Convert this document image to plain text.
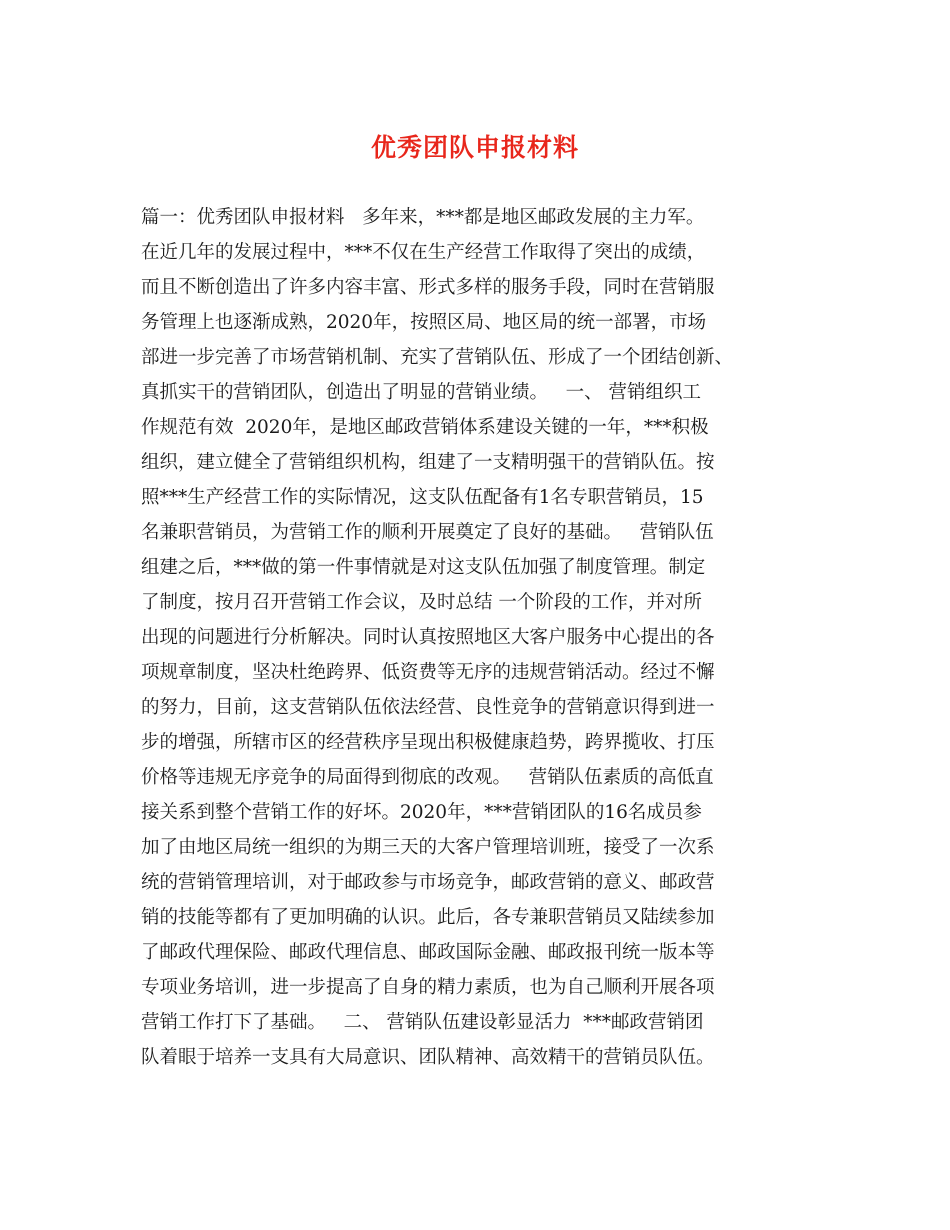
优秀团队申报材料
篇一：优秀团队申报材料   多年来，***都是地区邮政发展的主力军。
在近几年的发展过程中，***不仅在生产经营工作取得了突出的成绩，
而且不断创造出了许多内容丰富、形式多样的服务手段，同时在营销服
务管理上也逐渐成熟，2020年，按照区局、地区局的统一部署，市场
部进一步完善了市场营销机制、充实了营销队伍、形成了一个团结创新、
真抓实干的营销团队，创造出了明显的营销业绩。   一、 营销组织工
作规范有效  2020年，是地区邮政营销体系建设关键的一年，***积极
组织，建立健全了营销组织机构，组建了一支精明强干的营销队伍。按
照***生产经营工作的实际情况，这支队伍配备有1名专职营销员，15
名兼职营销员，为营销工作的顺利开展奠定了良好的基础。   营销队伍
组建之后，***做的第一件事情就是对这支队伍加强了制度管理。制定
了制度，按月召开营销工作会议，及时总结 一个阶段的工作，并对所
出现的问题进行分析解决。同时认真按照地区大客户服务中心提出的各
项规章制度，坚决杜绝跨界、低资费等无序的违规营销活动。经过不懈
的努力，目前，这支营销队伍依法经营、良性竞争的营销意识得到进一
步的增强，所辖市区的经营秩序呈现出积极健康趋势，跨界揽收、打压
价格等违规无序竞争的局面得到彻底的改观。   营销队伍素质的高低直
接关系到整个营销工作的好坏。2020年，***营销团队的16名成员参
加了由地区局统一组织的为期三天的大客户管理培训班，接受了一次系
统的营销管理培训，对于邮政参与市场竞争，邮政营销的意义、邮政营
销的技能等都有了更加明确的认识。此后，各专兼职营销员又陆续参加
了邮政代理保险、邮政代理信息、邮政国际金融、邮政报刊统一版本等
专项业务培训，进一步提高了自身的精力素质，也为自己顺利开展各项
营销工作打下了基础。   二、 营销队伍建设彰显活力  ***邮政营销团
队着眼于培养一支具有大局意识、团队精神、高效精干的营销员队伍。
